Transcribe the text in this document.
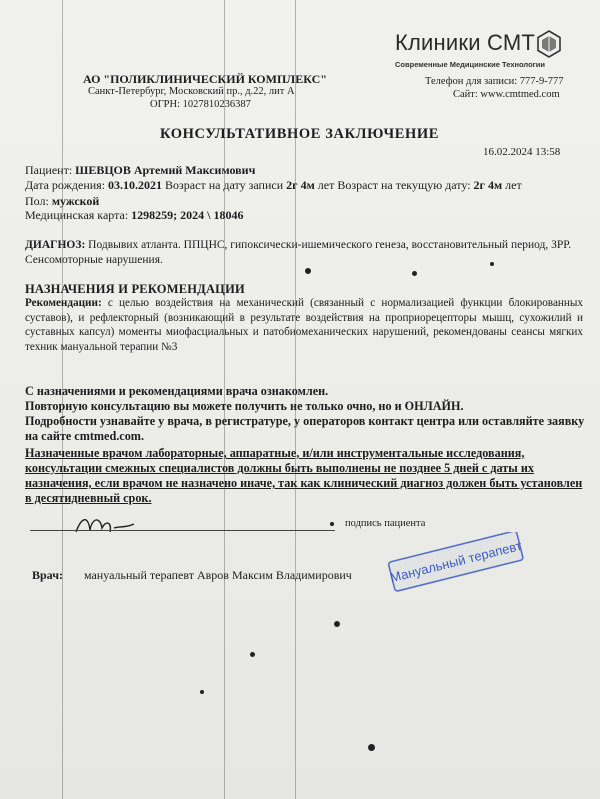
Клиники СМТ
Современные Медицинские Технологии
АО "ПОЛИКЛИНИЧЕСКИЙ КОМПЛЕКС"
Санкт-Петербург, Московский пр., д.22, лит А
ОГРН: 1027810236387
Телефон для записи: 777-9-777
Сайт: www.cmtmed.com
КОНСУЛЬТАТИВНОЕ ЗАКЛЮЧЕНИЕ
16.02.2024 13:58
Пациент: ШЕВЦОВ Артемий Максимович
Дата рождения: 03.10.2021 Возраст на дату записи 2г 4м лет Возраст на текущую дату: 2г 4м лет
Пол: мужской
Медицинская карта: 1298259; 2024 \ 18046
ДИАГНОЗ: Подвывих атланта. ППЦНС, гипоксически-ишемического генеза, восстановительный период, ЗРР. Сенсомоторные нарушения.
НАЗНАЧЕНИЯ И РЕКОМЕНДАЦИИ
Рекомендации: с целью воздействия на механический (связанный с нормализацией функции блокированных суставов), и рефлекторный (возникающий в результате воздействия на проприорецепторы мышц, сухожилий и суставных капсул) моменты миофасциальных и патобиомеханических нарушений, рекомендованы сеансы мягких техник мануальной терапии №3
С назначениями и рекомендациями врача ознакомлен.
Повторную консультацию вы можете получить не только очно, но и ОНЛАЙН.
Подробности узнавайте у врача, в регистратуре, у операторов контакт центра или оставляйте заявку на сайте cmtmed.com.
Назначенные врачом лабораторные, аппаратные, и/или инструментальные исследования, консультации смежных специалистов должны быть выполнены не позднее 5 дней с даты их назначения, если врачом не назначено иначе, так как клинический диагноз должен быть установлен в десятидневный срок.
подпись пациента
Врач: мануальный терапевт Авров Максим Владимирович	Мануальный терапевт
